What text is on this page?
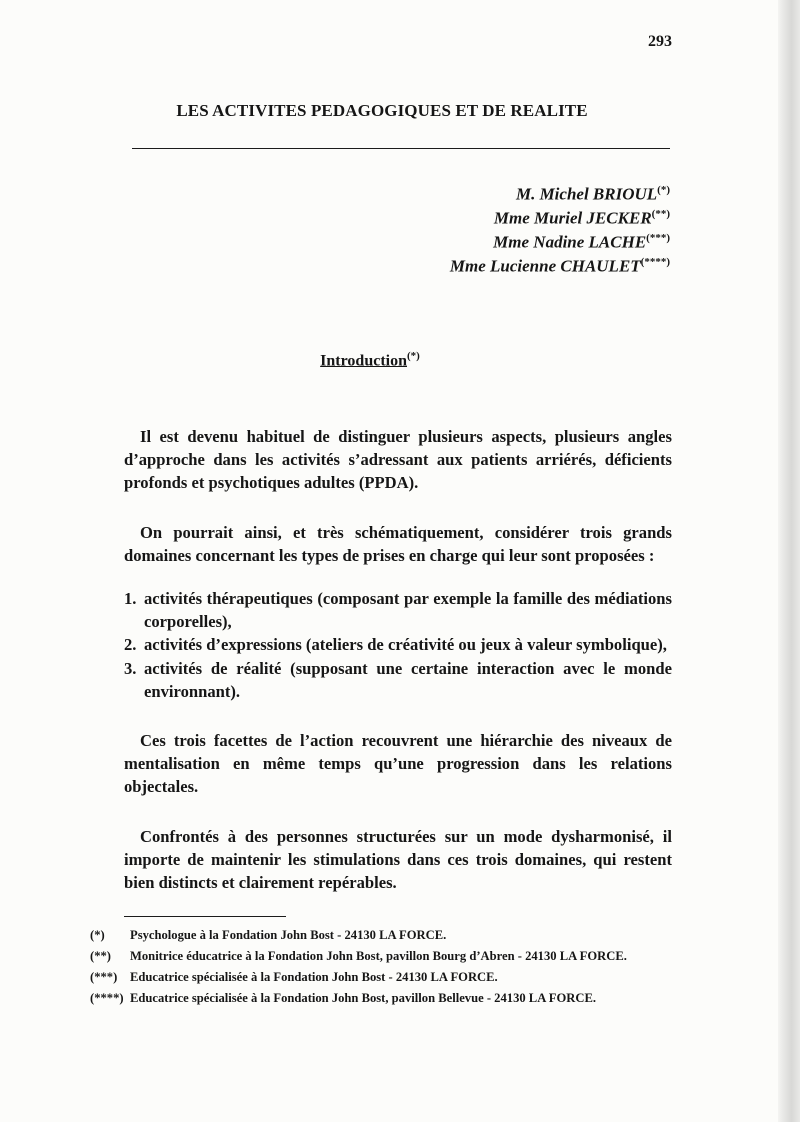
293
LES ACTIVITES PEDAGOGIQUES ET DE REALITE
M. Michel BRIOUL(*)
Mme Muriel JECKER(**)
Mme Nadine LACHE(***)
Mme Lucienne CHAULET(****)
Introduction(*)

Il est devenu habituel de distinguer plusieurs aspects, plusieurs angles d’approche dans les activités s’adressant aux patients arriérés, déficients profonds et psychotiques adultes (PPDA).

On pourrait ainsi, et très schématiquement, considérer trois grands domaines concernant les types de prises en charge qui leur sont proposées :

1. activités thérapeutiques (composant par exemple la famille des médiations corporelles),
2. activités d’expressions (ateliers de créativité ou jeux à valeur symbolique),
3. activités de réalité (supposant une certaine interaction avec le monde environnant).

Ces trois facettes de l’action recouvrent une hiérarchie des niveaux de mentalisation en même temps qu’une progression dans les relations objectales.

Confrontés à des personnes structurées sur un mode dysharmonisé, il importe de maintenir les stimulations dans ces trois domaines, qui restent bien distincts et clairement repérables.

(*) Psychologue à la Fondation John Bost - 24130 LA FORCE.
(**) Monitrice éducatrice à la Fondation John Bost, pavillon Bourg d’Abren - 24130 LA FORCE.
(***) Educatrice spécialisée à la Fondation John Bost - 24130 LA FORCE.
(****) Educatrice spécialisée à la Fondation John Bost, pavillon Bellevue - 24130 LA FORCE.
